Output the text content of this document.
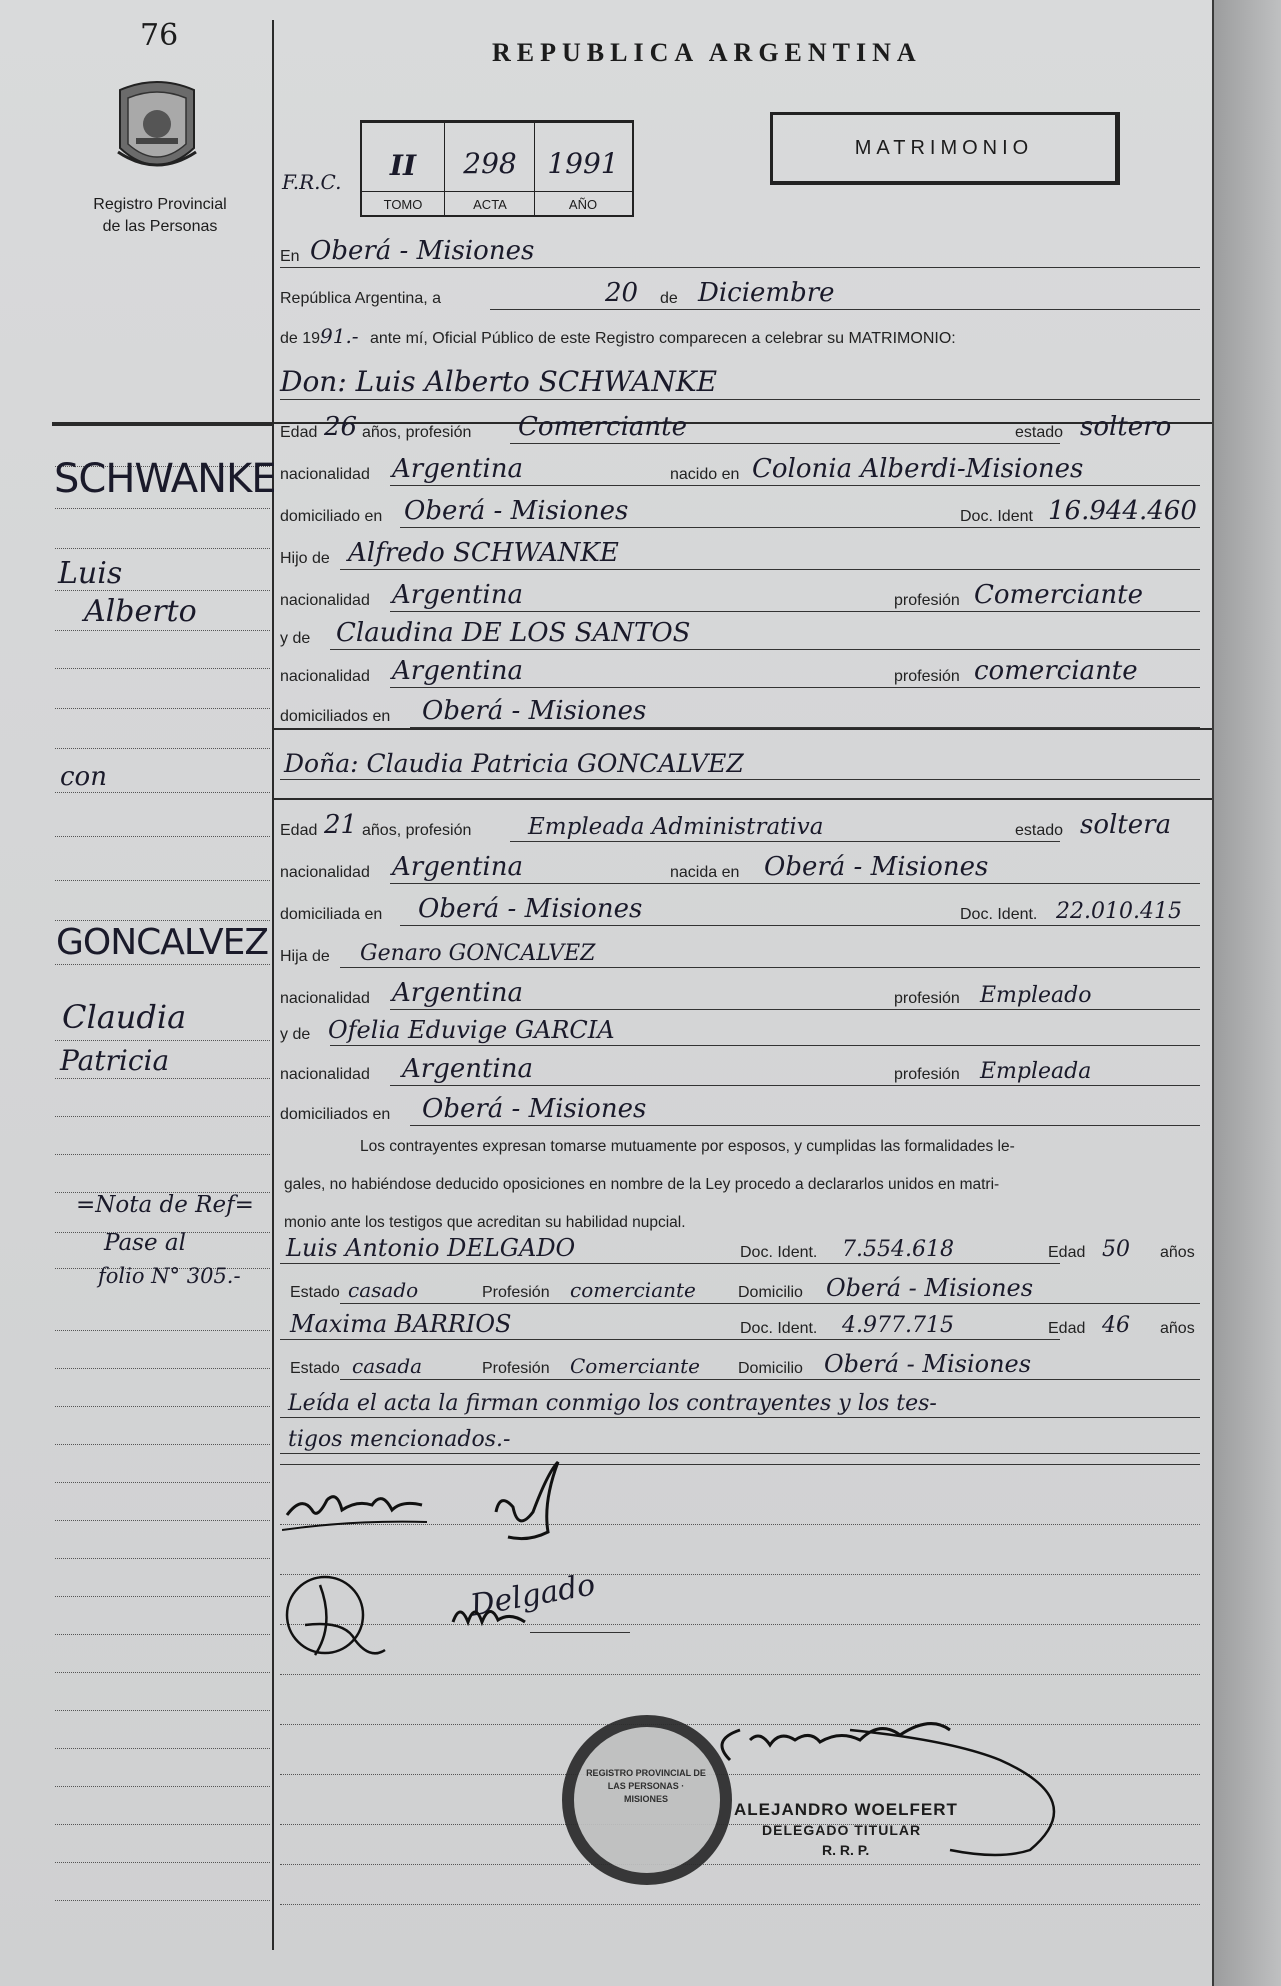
76
Registro Provincial
de las Personas
REPUBLICA ARGENTINA
F.R.C.	II	298	1991
TOMO	ACTA	AÑO
MATRIMONIO
En Oberá - Misiones
República Argentina, a	20 de Diciembre
de 19 91.- ante mí, Oficial Público de este Registro comparecen a celebrar su MATRIMONIO:
Don: Luis Alberto SCHWANKE
Edad 26 años, profesión Comerciante	estado soltero
nacionalidad Argentina	nacido en Colonia Alberdi-Misiones
domiciliado en Oberá - Misiones	Doc. Ident 16.944.460
Hijo de Alfredo SCHWANKE
nacionalidad Argentina	profesión Comerciante
y de Claudina DE LOS SANTOS
nacionalidad Argentina	profesión comerciante
domiciliados en Oberá - Misiones
Doña: Claudia Patricia GONCALVEZ
Edad 21 años, profesión Empleada Administrativa	estado soltera
nacionalidad Argentina	nacida en Oberá - Misiones
domiciliada en Oberá - Misiones	Doc. Ident. 22.010.415
Hija de Genaro GONCALVEZ
nacionalidad Argentina	profesión Empleado
y de Ofelia Eduvige GARCIA
nacionalidad Argentina	profesión Empleada
domiciliados en Oberá - Misiones
Los contrayentes expresan tomarse mutuamente por esposos, y cumplidas las formalidades le-
gales, no habiéndose deducido oposiciones en nombre de la Ley procedo a declararlos unidos en matri-
monio ante los testigos que acreditan su habilidad nupcial.
Luis Antonio DELGADO	Doc. Ident. 7.554.618	Edad 50 años
Estado casado	Profesión comerciante	Domicilio Oberá - Misiones
Maxima BARRIOS	Doc. Ident. 4.977.715	Edad 46 años
Estado casada	Profesión Comerciante Domicilio Oberá - Misiones
Leída el acta la firman conmigo los contrayentes y los tes-
tigos mencionados.-
Delgado
REGISTRO PROVINCIAL DE LAS PERSONAS · MISIONES
ALEJANDRO WOELFERT
DELEGADO TITULAR
R. R. P.
SCHWANKE
Luis
Alberto
con
GONCALVEZ
Claudia
Patricia
=Nota de Ref=
Pase al
folio N° 305.-
